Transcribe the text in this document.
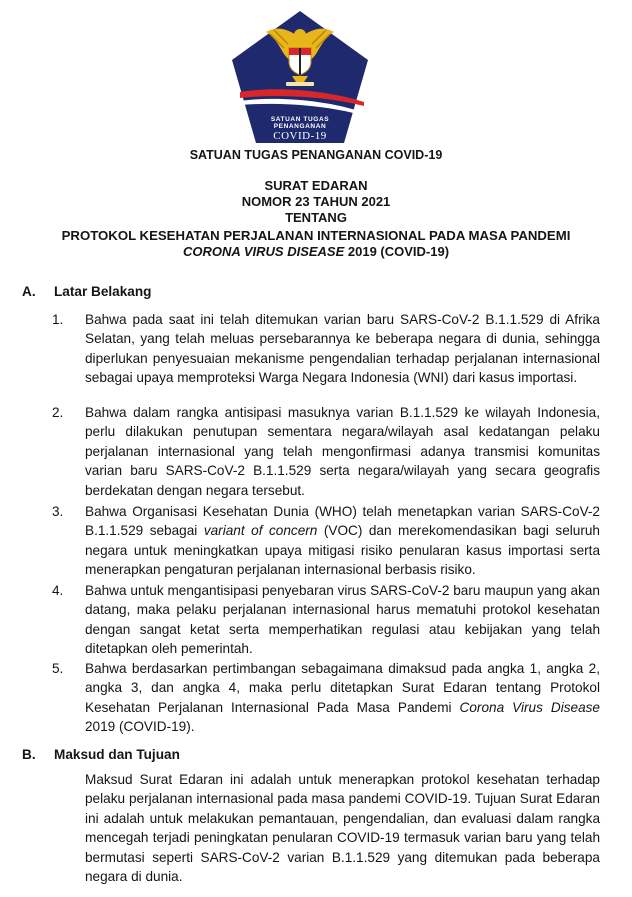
SATUAN TUGAS
PENANGANAN
COVID-19
SATUAN TUGAS PENANGANAN COVID-19
SURAT EDARAN
NOMOR 23 TAHUN 2021
TENTANG
PROTOKOL KESEHATAN PERJALANAN INTERNASIONAL PADA MASA PANDEMI
CORONA VIRUS DISEASE 2019 (COVID-19)
A. Latar Belakang
1.	Bahwa pada saat ini telah ditemukan varian baru SARS-CoV-2 B.1.1.529 di Afrika Selatan, yang telah meluas persebarannya ke beberapa negara di dunia, sehingga diperlukan penyesuaian mekanisme pengendalian terhadap perjalanan internasional sebagai upaya memproteksi Warga Negara Indonesia (WNI) dari kasus importasi.
2.	Bahwa dalam rangka antisipasi masuknya varian B.1.1.529 ke wilayah Indonesia, perlu dilakukan penutupan sementara negara/wilayah asal kedatangan pelaku perjalanan internasional yang telah mengonfirmasi adanya transmisi komunitas varian baru SARS-CoV-2 B.1.1.529 serta negara/wilayah yang secara geografis berdekatan dengan negara tersebut.
3.	Bahwa Organisasi Kesehatan Dunia (WHO) telah menetapkan varian SARS-CoV-2 B.1.1.529 sebagai variant of concern (VOC) dan merekomendasikan bagi seluruh negara untuk meningkatkan upaya mitigasi risiko penularan kasus importasi serta menerapkan pengaturan perjalanan internasional berbasis risiko.
4.	Bahwa untuk mengantisipasi penyebaran virus SARS-CoV-2 baru maupun yang akan datang, maka pelaku perjalanan internasional harus mematuhi protokol kesehatan dengan sangat ketat serta memperhatikan regulasi atau kebijakan yang telah ditetapkan oleh pemerintah.
5.	Bahwa berdasarkan pertimbangan sebagaimana dimaksud pada angka 1, angka 2, angka 3, dan angka 4, maka perlu ditetapkan Surat Edaran tentang Protokol Kesehatan Perjalanan Internasional Pada Masa Pandemi Corona Virus Disease 2019 (COVID-19).
B. Maksud dan Tujuan
Maksud Surat Edaran ini adalah untuk menerapkan protokol kesehatan terhadap pelaku perjalanan internasional pada masa pandemi COVID-19. Tujuan Surat Edaran ini adalah untuk melakukan pemantauan, pengendalian, dan evaluasi dalam rangka mencegah terjadi peningkatan penularan COVID-19 termasuk varian baru yang telah bermutasi seperti SARS-CoV-2 varian B.1.1.529 yang ditemukan pada beberapa negara di dunia.
